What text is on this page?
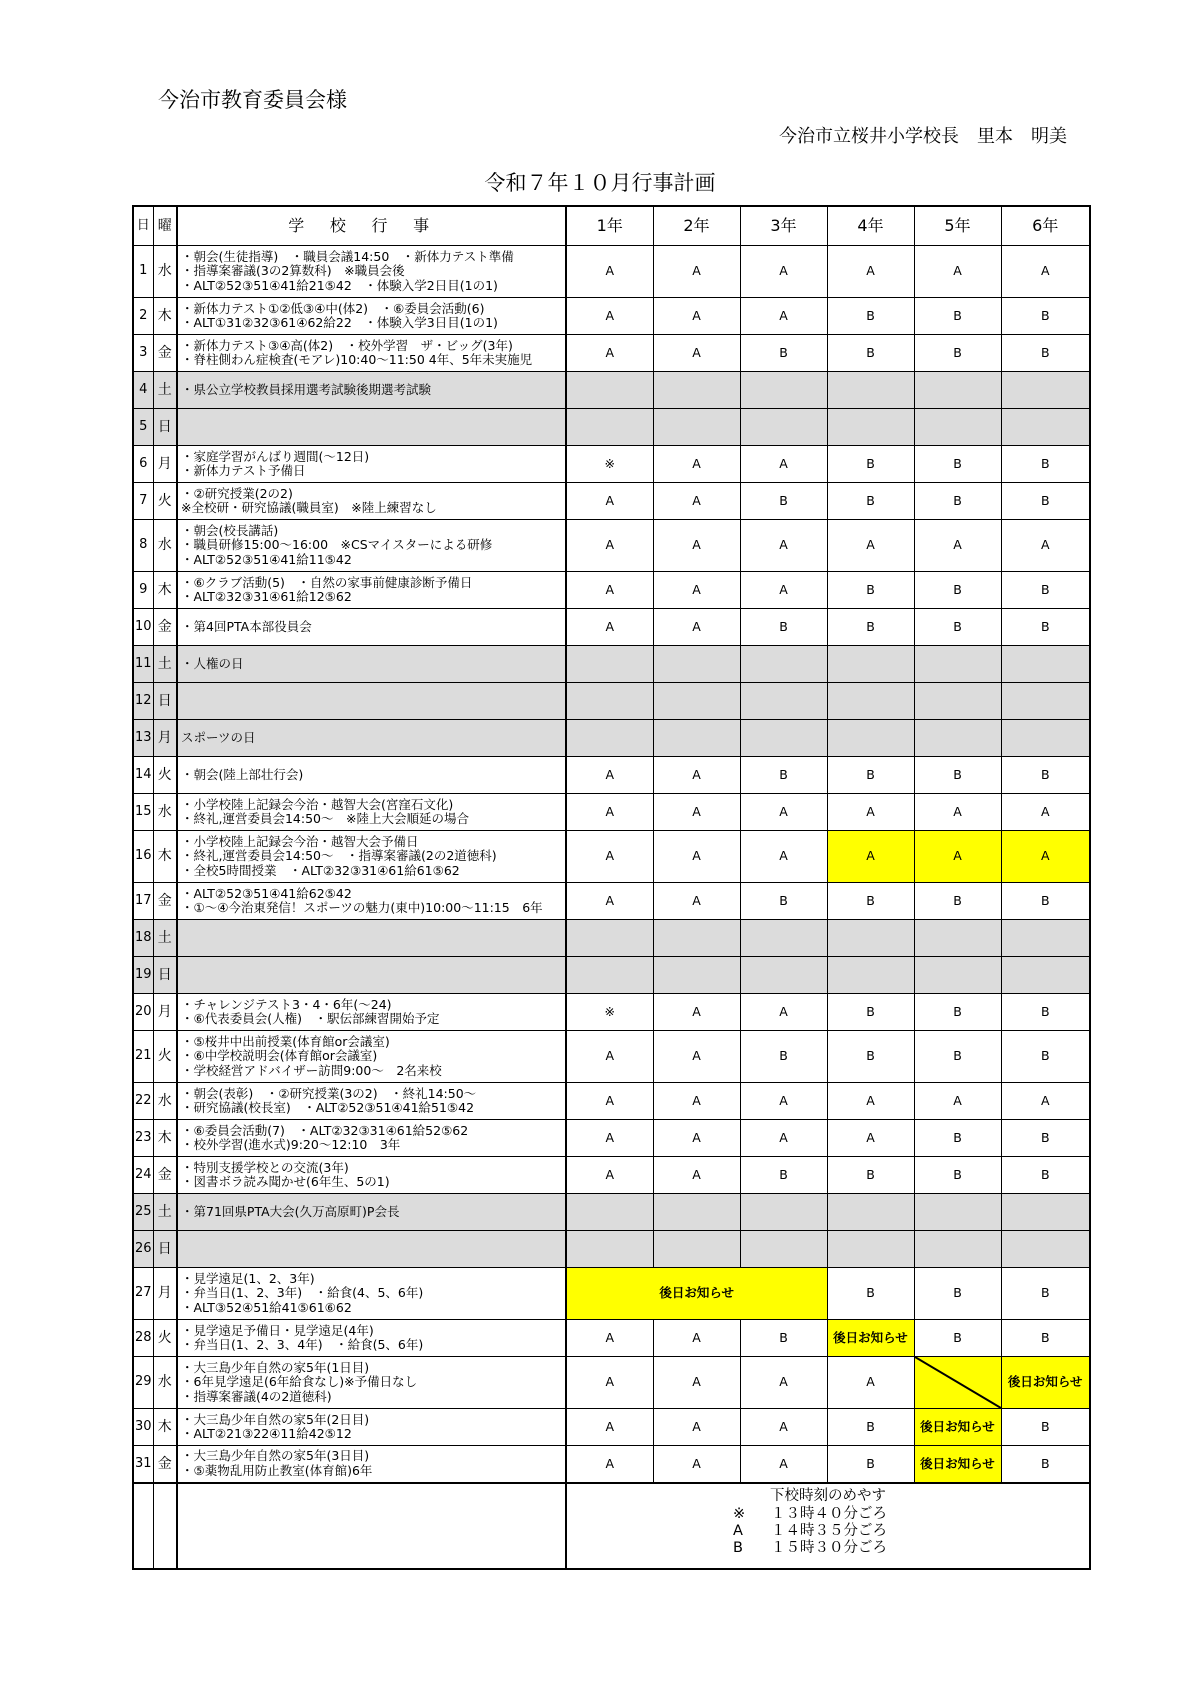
今治市教育委員会様
今治市立桜井小学校長　里本　明美
令和７年１０月行事計画
日	曜	学校行事	1年	2年	3年	4年	5年	6年
1	水	・朝会(生徒指導)　・職員会議14:50　・新体力テスト準備
・指導案審議(3の2算数科)　※職員会後
・ALT②52③51④41給21⑤42　・体験入学2日目(1の1)	A	A	A	A	A	A
2	木	・新体力テスト①②低③④中(体2)　・⑥委員会活動(6)
・ALT①31②32③61④62給22　・体験入学3日目(1の1)	A	A	A	B	B	B
3	金	・新体力テスト③④高(体2)　・校外学習　ザ・ビッグ(3年)
・脊柱側わん症検査(モアレ)10:40～11:50 4年、5年未実施児	A	A	B	B	B	B
4	土	・県公立学校教員採用選考試験後期選考試験						
5	日							
6	月	・家庭学習がんばり週間(～12日)
・新体力テスト予備日	※	A	A	B	B	B
7	火	・②研究授業(2の2)
※全校研・研究協議(職員室)　※陸上練習なし	A	A	B	B	B	B
8	水	・朝会(校長講話)
・職員研修15:00～16:00　※CSマイスターによる研修
・ALT②52③51④41給11⑤42	A	A	A	A	A	A
9	木	・⑥クラブ活動(5)　・自然の家事前健康診断予備日
・ALT②32③31④61給12⑤62	A	A	A	B	B	B
10	金	・第4回PTA本部役員会	A	A	B	B	B	B
11	土	・人権の日						
12	日							
13	月	スポーツの日						
14	火	・朝会(陸上部壮行会)	A	A	B	B	B	B
15	水	・小学校陸上記録会今治・越智大会(宮窪石文化)
・終礼,運営委員会14:50～　※陸上大会順延の場合	A	A	A	A	A	A
16	木	・小学校陸上記録会今治・越智大会予備日
・終礼,運営委員会14:50～　・指導案審議(2の2道徳科)
・全校5時間授業　・ALT②32③31④61給61⑤62	A	A	A	A	A	A
17	金	・ALT②52③51④41給62⑤42
・①～④今治東発信！スポーツの魅力(東中)10:00～11:15　6年	A	A	B	B	B	B
18	土							
19	日							
20	月	・チャレンジテスト3・4・6年(～24)
・⑥代表委員会(人権)　・駅伝部練習開始予定	※	A	A	B	B	B
21	火	・⑤桜井中出前授業(体育館or会議室)
・⑥中学校説明会(体育館or会議室)
・学校経営アドバイザー訪問9:00～　2名来校	A	A	B	B	B	B
22	水	・朝会(表彰)　・②研究授業(3の2)　・終礼14:50～
・研究協議(校長室)　・ALT②52③51④41給51⑤42	A	A	A	A	A	A
23	木	・⑥委員会活動(7)　・ALT②32③31④61給52⑤62
・校外学習(進水式)9:20～12:10　3年	A	A	A	A	B	B
24	金	・特別支援学校との交流(3年)
・図書ボラ読み聞かせ(6年生、5の1)	A	A	B	B	B	B
25	土	・第71回県PTA大会(久万高原町)P会長						
26	日							
27	月	・見学遠足(1、2、3年)
・弁当日(1、2、3年)　・給食(4、5、6年)
・ALT③52④51給41⑤61⑥62	後日お知らせ			B	B	B
28	火	・見学遠足予備日・見学遠足(4年)
・弁当日(1、2、3、4年)　・給食(5、6年)	A	A	B	後日お知らせ	B	B
29	水	・大三島少年自然の家5年(1日目)
・6年見学遠足(6年給食なし)※予備日なし
・指導案審議(4の2道徳科)	A	A	A	A		後日お知らせ
30	木	・大三島少年自然の家5年(2日目)
・ALT②21③22④11給42⑤12	A	A	A	B	後日お知らせ	B
31	金	・大三島少年自然の家5年(3日目)
・⑤薬物乱用防止教室(体育館)6年	A	A	A	B	後日お知らせ	B

			下校時刻のめやす
※ １３時４０分ごろ
A １４時３５分ごろ
B １５時３０分ごろ					
